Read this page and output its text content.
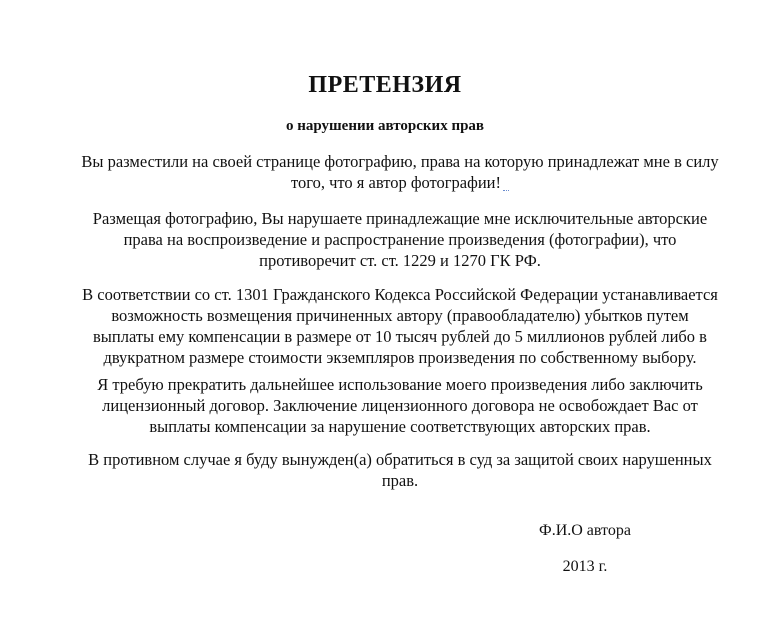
ПРЕТЕНЗИЯ
о нарушении авторских прав
Вы разместили на своей странице фотографию, права на которую принадлежат мне в силу
того, что я автор фотографии!
Размещая фотографию, Вы нарушаете принадлежащие мне исключительные авторские
права на воспроизведение и распространение произведения (фотографии), что
противоречит ст. ст. 1229 и 1270 ГК РФ.
В соответствии со ст. 1301 Гражданского Кодекса Российской Федерации устанавливается
возможность возмещения причиненных автору (правообладателю) убытков путем
выплаты ему компенсации в размере от 10 тысяч рублей до 5 миллионов рублей либо в
двукратном размере стоимости экземпляров произведения по собственному выбору.
Я требую прекратить дальнейшее использование моего произведения либо заключить
лицензионный договор. Заключение лицензионного договора не освобождает Вас от
выплаты компенсации за нарушение соответствующих авторских прав.
В противном случае я буду вынужден(а) обратиться в суд за защитой своих нарушенных
прав.
Ф.И.О автора
2013 г.
